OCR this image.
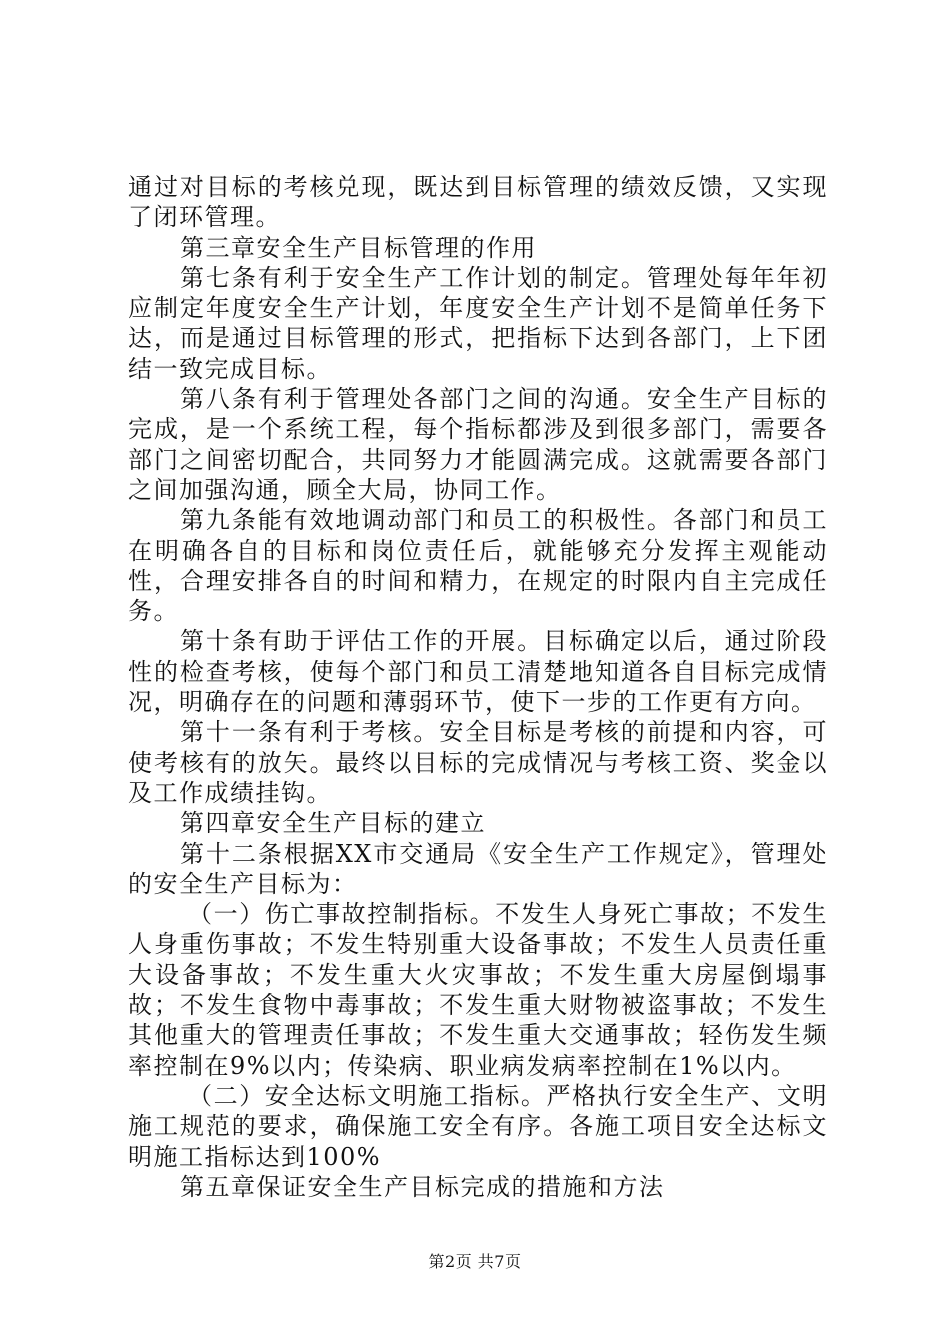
通过对目标的考核兑现，既达到目标管理的绩效反馈，又实现了闭环管理。

第三章安全生产目标管理的作用

第七条有利于安全生产工作计划的制定。管理处每年年初应制定年度安全生产计划，年度安全生产计划不是简单任务下达，而是通过目标管理的形式，把指标下达到各部门，上下团结一致完成目标。

第八条有利于管理处各部门之间的沟通。安全生产目标的完成，是一个系统工程，每个指标都涉及到很多部门，需要各部门之间密切配合，共同努力才能圆满完成。这就需要各部门之间加强沟通，顾全大局，协同工作。

第九条能有效地调动部门和员工的积极性。各部门和员工在明确各自的目标和岗位责任后，就能够充分发挥主观能动性，合理安排各自的时间和精力，在规定的时限内自主完成任务。

第十条有助于评估工作的开展。目标确定以后，通过阶段性的检查考核，使每个部门和员工清楚地知道各自目标完成情况，明确存在的问题和薄弱环节，使下一步的工作更有方向。

第十一条有利于考核。安全目标是考核的前提和内容，可使考核有的放矢。最终以目标的完成情况与考核工资、奖金以及工作成绩挂钩。

第四章安全生产目标的建立

第十二条根据XX市交通局《安全生产工作规定》，管理处的安全生产目标为：

（一）伤亡事故控制指标。不发生人身死亡事故；不发生人身重伤事故；不发生特别重大设备事故；不发生人员责任重大设备事故；不发生重大火灾事故；不发生重大房屋倒塌事故；不发生食物中毒事故；不发生重大财物被盗事故；不发生其他重大的管理责任事故；不发生重大交通事故；轻伤发生频率控制在9%以内；传染病、职业病发病率控制在1%以内。

（二）安全达标文明施工指标。严格执行安全生产、文明施工规范的要求，确保施工安全有序。各施工项目安全达标文明施工指标达到100%

第五章保证安全生产目标完成的措施和方法

第2页 共7页
